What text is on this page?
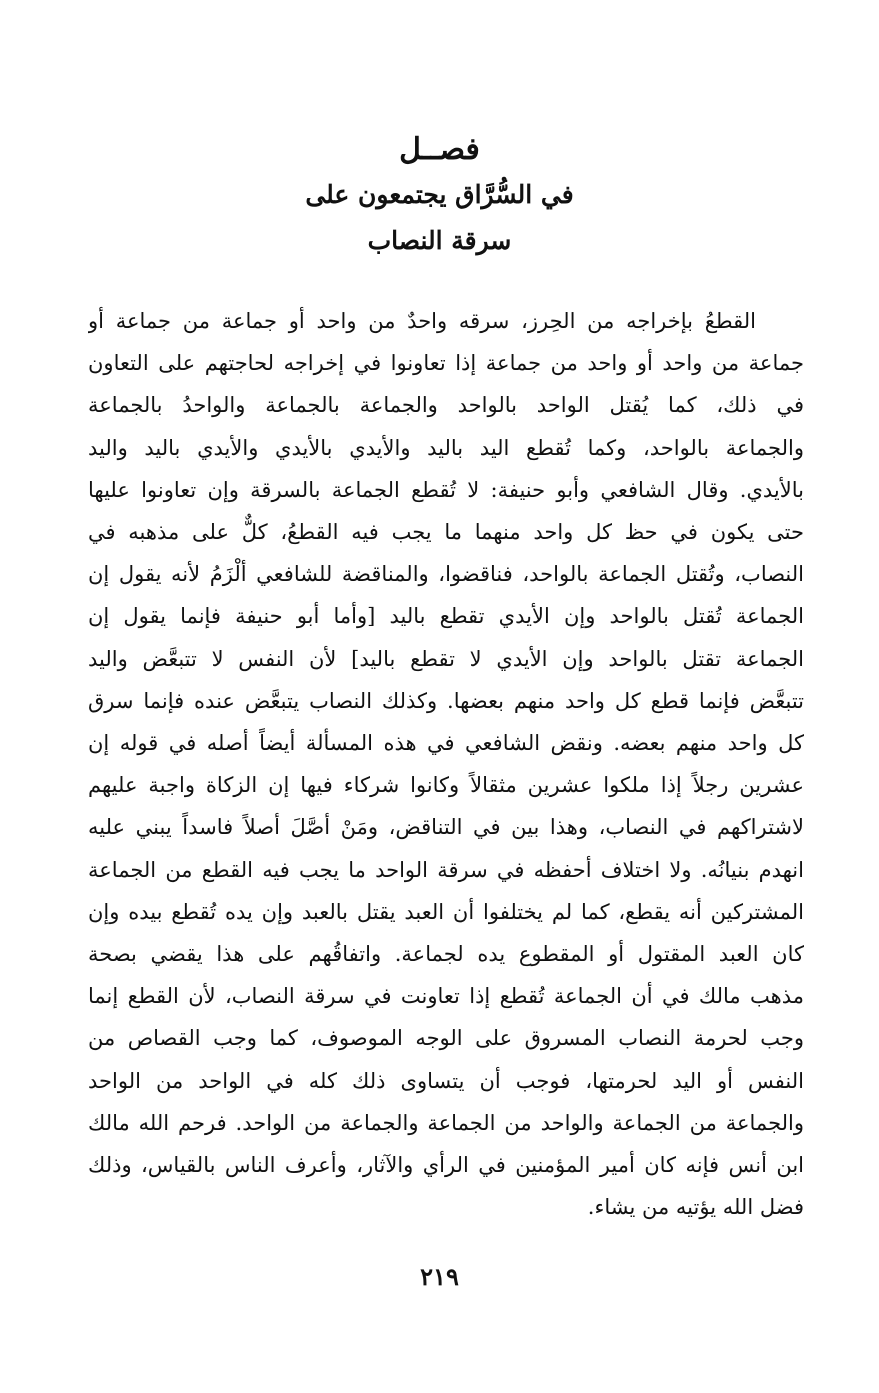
فصــل

في السُّرَّاق يجتمعون على

سرقة النصاب

القطعُ بإخراجه من الحِرز، سرقه واحدٌ من واحد أو جماعة من جماعة أو
جماعة من واحد أو واحد من جماعة إذا تعاونوا في إخراجه لحاجتهم على التعاون
في ذلك، كما يُقتل الواحد بالواحد والجماعة بالجماعة والواحدُ بالجماعة
والجماعة بالواحد، وكما تُقطع اليد باليد والأيدي بالأيدي والأيدي باليد واليد
بالأيدي. وقال الشافعي وأبو حنيفة: لا تُقطع الجماعة بالسرقة وإن تعاونوا عليها
حتى يكون في حظ كل واحد منهما ما يجب فيه القطعُ، كلٌّ على مذهبه في
النصاب، وتُقتل الجماعة بالواحد، فناقضوا، والمناقضة للشافعي ألْزَمُ لأنه يقول إن
الجماعة تُقتل بالواحد وإن الأيدي تقطع باليد [وأما أبو حنيفة فإنما يقول إن
الجماعة تقتل بالواحد وإن الأيدي لا تقطع باليد] لأن النفس لا تتبعَّض واليد
تتبعَّض فإنما قطع كل واحد منهم بعضها. وكذلك النصاب يتبعَّض عنده فإنما سرق
كل واحد منهم بعضه. ونقض الشافعي في هذه المسألة أيضاً أصله في قوله إن
عشرين رجلاً إذا ملكوا عشرين مثقالاً وكانوا شركاء فيها إن الزكاة واجبة عليهم
لاشتراكهم في النصاب، وهذا بين في التناقض، ومَنْ أصَّلَ أصلاً فاسداً يبني عليه
انهدم بنيانُه. ولا اختلاف أحفظه في سرقة الواحد ما يجب فيه القطع من الجماعة
المشتركين أنه يقطع، كما لم يختلفوا أن العبد يقتل بالعبد وإن يده تُقطع بيده وإن
كان العبد المقتول أو المقطوع يده لجماعة. واتفاقُهم على هذا يقضي بصحة
مذهب مالك في أن الجماعة تُقطع إذا تعاونت في سرقة النصاب، لأن القطع إنما
وجب لحرمة النصاب المسروق على الوجه الموصوف، كما وجب القصاص من
النفس أو اليد لحرمتها، فوجب أن يتساوى ذلك كله في الواحد من الواحد
والجماعة من الجماعة والواحد من الجماعة والجماعة من الواحد. فرحم الله مالك
ابن أنس فإنه كان أمير المؤمنين في الرأي والآثار، وأعرف الناس بالقياس، وذلك
فضل الله يؤتيه من يشاء.
٢١٩
